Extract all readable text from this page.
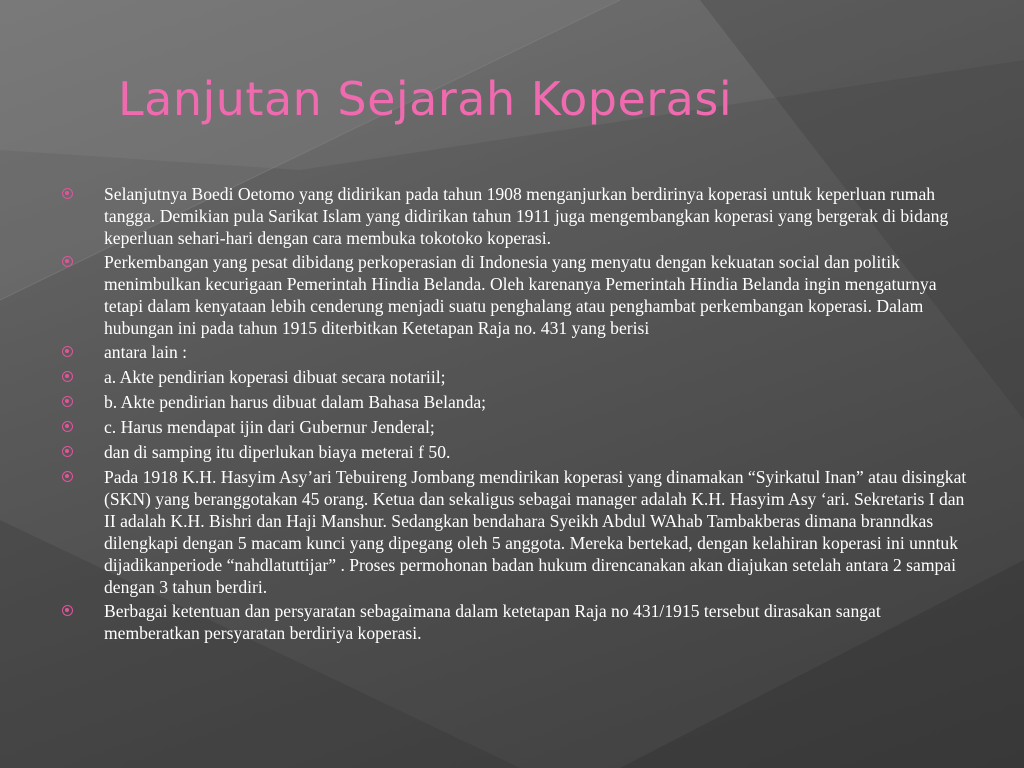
Lanjutan Sejarah Koperasi
Selanjutnya Boedi Oetomo yang didirikan pada tahun 1908 menganjurkan berdirinya koperasi untuk keperluan rumah tangga. Demikian pula Sarikat Islam yang didirikan tahun 1911 juga mengembangkan koperasi yang bergerak di bidang keperluan sehari-hari dengan cara membuka tokotoko koperasi.
Perkembangan yang pesat dibidang perkoperasian di Indonesia yang menyatu dengan kekuatan social dan politik menimbulkan kecurigaan Pemerintah Hindia Belanda. Oleh karenanya Pemerintah Hindia Belanda ingin mengaturnya tetapi dalam kenyataan lebih cenderung menjadi suatu penghalang atau penghambat perkembangan koperasi. Dalam hubungan ini pada tahun 1915 diterbitkan Ketetapan Raja no. 431 yang berisi
antara lain :
a. Akte pendirian koperasi dibuat secara notariil;
b. Akte pendirian harus dibuat dalam Bahasa Belanda;
c. Harus mendapat ijin dari Gubernur Jenderal;
dan di samping itu diperlukan biaya meterai f 50.
Pada 1918 K.H. Hasyim Asy’ari Tebuireng Jombang mendirikan koperasi yang dinamakan “Syirkatul Inan” atau disingkat (SKN) yang beranggotakan 45 orang. Ketua dan sekaligus sebagai manager adalah K.H. Hasyim Asy ‘ari. Sekretaris I dan II adalah K.H. Bishri dan Haji Manshur. Sedangkan bendahara Syeikh Abdul WAhab Tambakberas dimana branndkas dilengkapi dengan 5 macam kunci yang dipegang oleh 5 anggota. Mereka bertekad, dengan kelahiran koperasi ini unntuk dijadikanperiode “nahdlatuttijar” . Proses permohonan badan hukum direncanakan akan diajukan setelah antara 2 sampai dengan 3 tahun berdiri.
Berbagai ketentuan dan persyaratan sebagaimana dalam ketetapan Raja no 431/1915 tersebut dirasakan sangat memberatkan persyaratan berdiriya koperasi.
